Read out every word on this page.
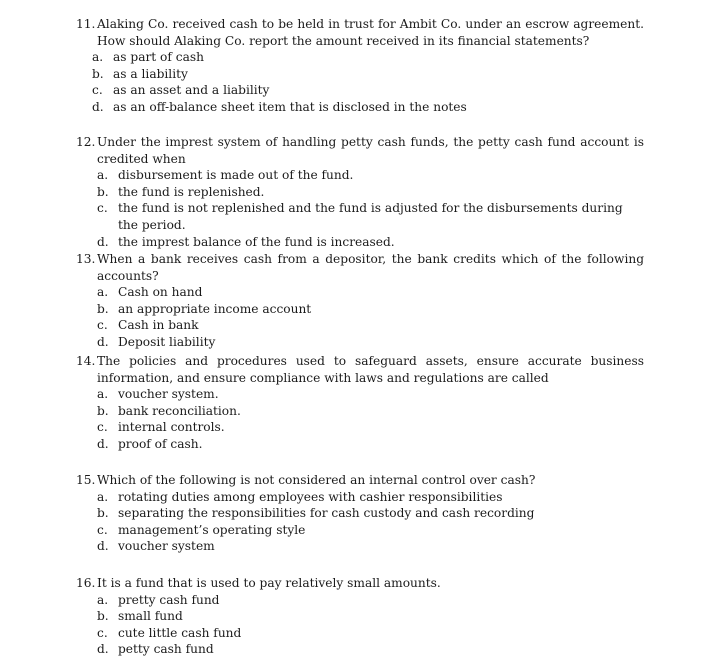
11. Alaking Co. received cash to be held in trust for Ambit Co. under an escrow agreement. How should Alaking Co. report the amount received in its financial statements?
a. as part of cash
b. as a liability
c. as an asset and a liability
d. as an off-balance sheet item that is disclosed in the notes
12. Under the imprest system of handling petty cash funds, the petty cash fund account is credited when
a. disbursement is made out of the fund.
b. the fund is replenished.
c. the fund is not replenished and the fund is adjusted for the disbursements during the period.
d. the imprest balance of the fund is increased.
13. When a bank receives cash from a depositor, the bank credits which of the following accounts?
a. Cash on hand
b. an appropriate income account
c. Cash in bank
d. Deposit liability
14. The policies and procedures used to safeguard assets, ensure accurate business information, and ensure compliance with laws and regulations are called
a. voucher system.
b. bank reconciliation.
c. internal controls.
d. proof of cash.
15. Which of the following is not considered an internal control over cash?
a. rotating duties among employees with cashier responsibilities
b. separating the responsibilities for cash custody and cash recording
c. management’s operating style
d. voucher system
16. It is a fund that is used to pay relatively small amounts.
a. pretty cash fund
b. small fund
c. cute little cash fund
d. petty cash fund
